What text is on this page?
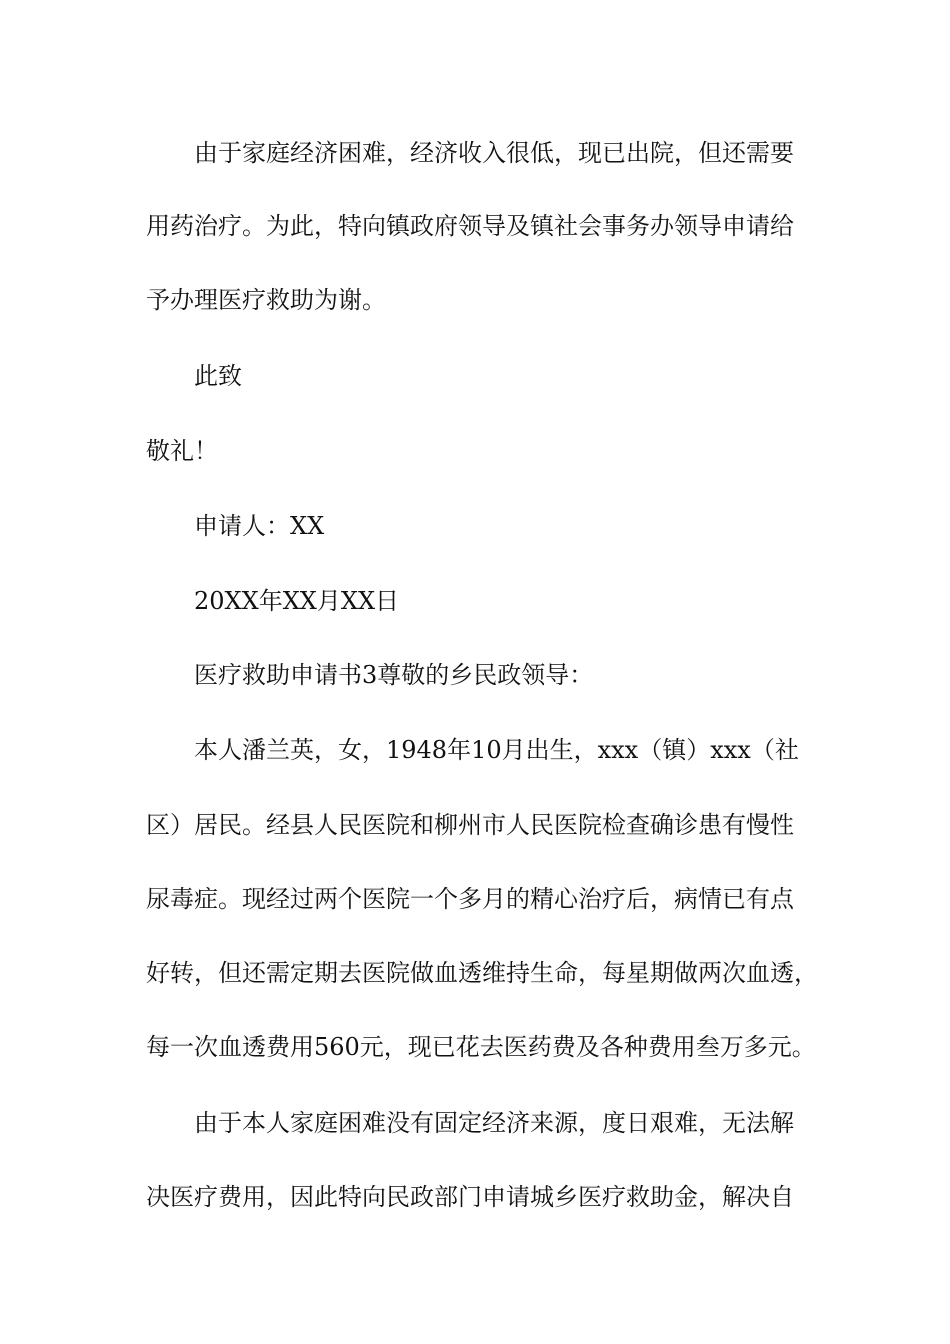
由于家庭经济困难，经济收入很低，现已出院，但还需要
用药治疗。为此，特向镇政府领导及镇社会事务办领导申请给
予办理医疗救助为谢。
此致
敬礼！
申请人：XX
20XX年XX月XX日
医疗救助申请书3尊敬的乡民政领导：
本人潘兰英，女，1948年10月出生，xxx（镇）xxx（社
区）居民。经县人民医院和柳州市人民医院检查确诊患有慢性
尿毒症。现经过两个医院一个多月的精心治疗后，病情已有点
好转，但还需定期去医院做血透维持生命，每星期做两次血透，
每一次血透费用560元，现已花去医药费及各种费用叁万多元。
由于本人家庭困难没有固定经济来源，度日艰难，无法解
决医疗费用，因此特向民政部门申请城乡医疗救助金，解决自
